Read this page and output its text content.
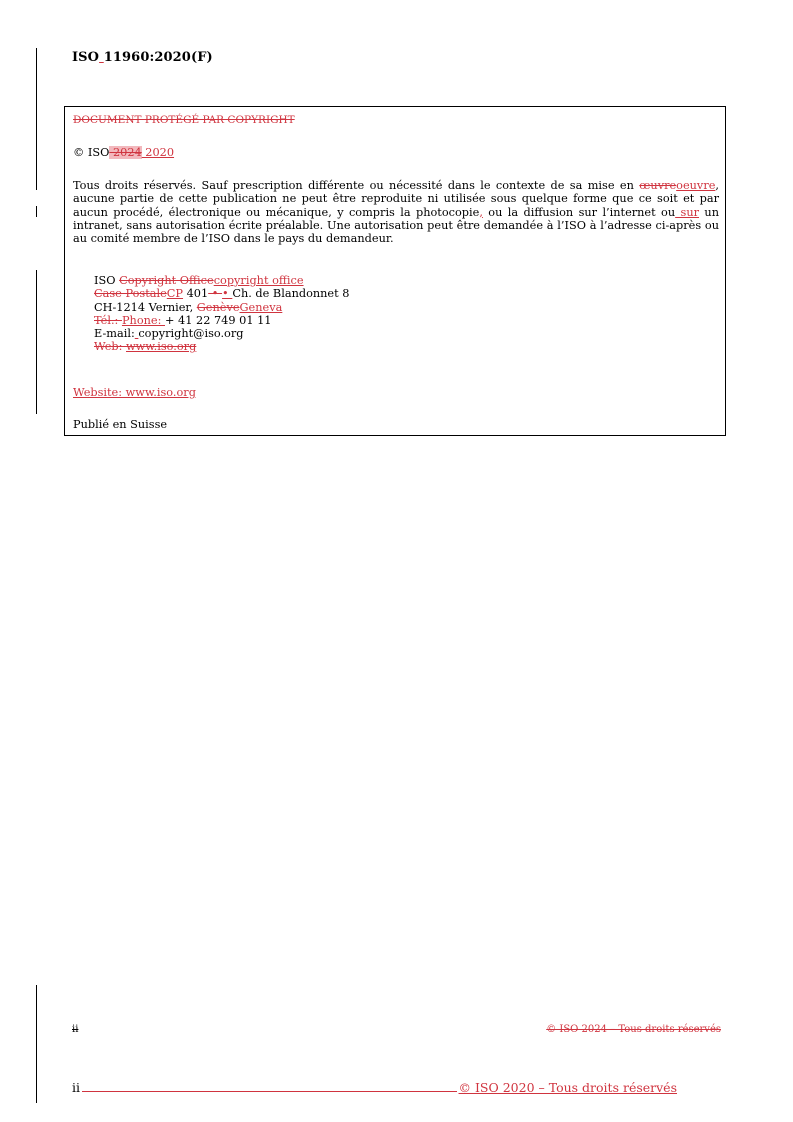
ISO 11960:2020(F)
DOCUMENT PROTÉGÉ PAR COPYRIGHT
© ISO 2024 2020
Tous droits réservés. Sauf prescription différente ou nécessité dans le contexte de sa mise en œuvreoeuvre, aucune partie de cette publication ne peut être reproduite ni utilisée sous quelque forme que ce soit et par aucun procédé, électronique ou mécanique, y compris la photocopie, ou la diffusion sur l’internet ou sur un intranet, sans autorisation écrite préalable. Une autorisation peut être demandée à l’ISO à l’adresse ci-après ou au comité membre de l’ISO dans le pays du demandeur.
ISO Copyright Officecopyright office
Case PostaleCP 401 • • Ch. de Blandonnet 8
CH-1214 Vernier, GenèveGeneva
Tél.: Phone: + 41 22 749 01 11
E-mail: copyright@iso.org
Web: www.iso.org
Website: www.iso.org
Publié en Suisse
ii	© ISO 2024 – Tous droits réservés
ii	© ISO 2020 – Tous droits réservés
